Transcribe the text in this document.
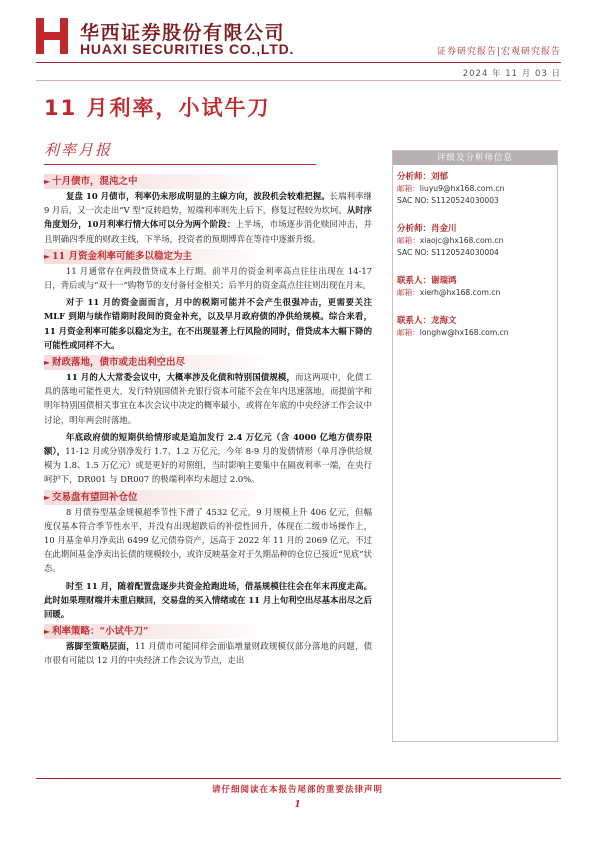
华西证券股份有限公司
HUAXI SECURITIES CO.,LTD.	证券研究报告|宏观研究报告
2024 年 11 月 03 日
11 月利率，小试牛刀
利率月报
► 十月债市，混沌之中

复盘 10 月债市，利率仍未形成明显的主線方向，波段机会较难把握。长端利率继 9 月后，又一次走出“V 型”反转趋势，短端利率则先上后下，修复过程较为坎坷。从时序角度划分，10月利率行情大体可以分为两个阶段：上半场，市场逐步消化赎回冲击，并且明确四季度的财政主线，下半场，投资者的预期博弈在等待中逐渐升级。

► 11 月资金利率可能多以稳定为主

11 月通常存在两段借贷成本上行期。前半月的资金利率高点往往出现在 14-17 日，背后或与“双十一”购物节的支付备付金相关；后半月的资金高点往往则出现在月末。

对于 11 月的资金面而言，月中的税期可能并不会产生很强冲击，更需要关注 MLF 到期与续作错期时段间的资金补充，以及早月政府债的净供给规模。综合来看，11 月资金利率可能多以稳定为主，在不出现显著上行风险的同时，借贷成本大幅下降的可能性或同样不大。

► 财政落地，债市或走出利空出尽

11 月的人大常委会议中，大概率涉及化债和特别国债规模，而这两项中，化债工具的落地可能性更大，发行特别国债补充银行资本可能不会在年内迅速落地，而提前字和明年特别国债相关事宜在本次会议中决定的概率最小，或将在年底的中央经济工作会议中讨论，明年两会时落地。

年底政府债的短期供给情形或是追加发行 2.4 万亿元（含 4000 亿地方债券限额），11-12 月或分别净发行 1.7、1.2 万亿元，今年 8-9 月的发债情形（单月净供给规模为 1.8、1.5 万亿元）或是更好的对照组，当时影响主要集中在隔夜利率一端，在央行呵护下，DR001 与 DR007 的极端利率均未超过 2.0%。

► 交易盘有望回补仓位

8 月债券型基金规模超季节性下滑了 4532 亿元，9 月规模上升 406 亿元，但幅度仅基本符合季节性水平，并没有出现超跌后的补偿性回升，体现在二级市场操作上，10 月基金单月净卖出 6499 亿元债券资产，远高于 2022 年 11 月的 2069 亿元，不过在此期间基金净卖出长债的规模较小，或许反映基金对于久期品种的仓位已接近“见底”状态。

时至 11 月，随着配置盘逐步共资金抢跑进场，借基规模往往会在年末再度走高。此时如果理财端并未重启赎回，交易盘的买入情绪或在 11 月上旬利空出尽基本出尽之后回暖。

► 利率策略：“小试牛刀”

落脚至策略层面，11 月债市可能同样会面临增量财政规模仅部分落地的问题，债市很有可能以 12 月的中央经济工作会议为节点，走出

评级及分析师信息
分析师：刘郁
邮箱：liuyu9@hx168.com.cn
SAC NO: S1120524030003
分析师：肖金川
邮箱：xiaojc@hx168.com.cn
SAC NO: S1120524030004
联系人：谢瑞鸿
邮箱：xierh@hx168.com.cn
联系人：龙海文
邮箱：longhw@hx168.com.cn
请仔细阅读在本报告尾部的重要法律声明
1
